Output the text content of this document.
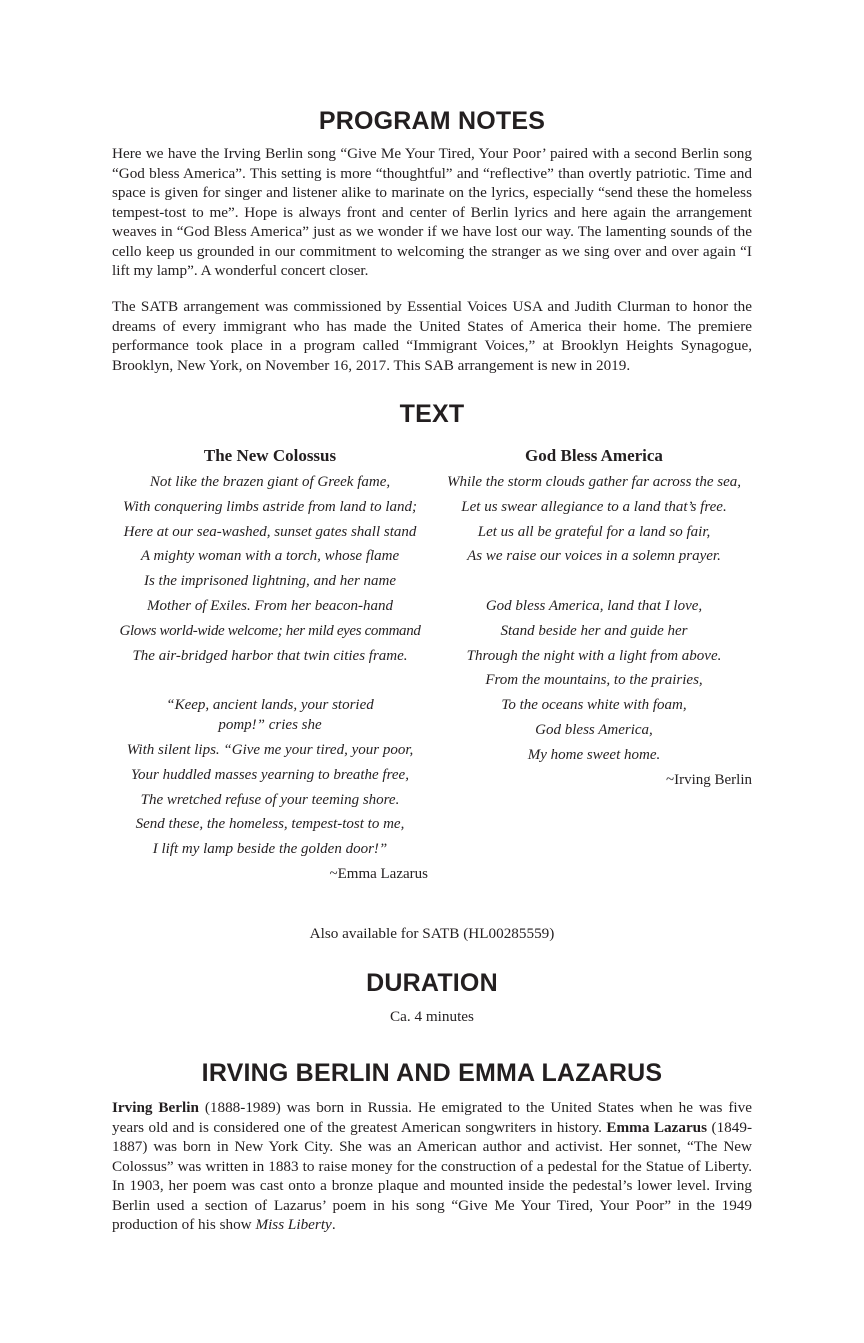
PROGRAM NOTES

Here we have the Irving Berlin song “Give Me Your Tired, Your Poor’ paired with a second Berlin song “God bless America”. This setting is more “thoughtful” and “reflective” than overtly patriotic. Time and space is given for singer and listener alike to marinate on the lyrics, especially “send these the homeless tempest-tost to me”. Hope is always front and center of Berlin lyrics and here again the arrangement weaves in “God Bless America” just as we wonder if we have lost our way. The lamenting sounds of the cello keep us grounded in our commitment to welcoming the stranger as we sing over and over again “I lift my lamp”. A wonderful concert closer.

The SATB arrangement was commissioned by Essential Voices USA and Judith Clurman to honor the dreams of every immigrant who has made the United States of America their home. The premiere performance took place in a program called “Immigrant Voices,” at Brooklyn Heights Synagogue, Brooklyn, New York, on November 16, 2017. This SAB arrangement is new in 2019.

TEXT
The New Colossus
Not like the brazen giant of Greek fame,
With conquering limbs astride from land to land;
Here at our sea-washed, sunset gates shall stand
A mighty woman with a torch, whose flame
Is the imprisoned lightning, and her name
Mother of Exiles. From her beacon-hand
Glows world-wide welcome; her mild eyes command
The air-bridged harbor that twin cities frame.
“Keep, ancient lands, your storied pomp!” cries she
With silent lips. “Give me your tired, your poor,
Your huddled masses yearning to breathe free,
The wretched refuse of your teeming shore.
Send these, the homeless, tempest-tost to me,
I lift my lamp beside the golden door!”

~Emma Lazarus

God Bless America
While the storm clouds gather far across the sea,
Let us swear allegiance to a land that’s free.
Let us all be grateful for a land so fair,
As we raise our voices in a solemn prayer.
God bless America, land that I love,
Stand beside her and guide her
Through the night with a light from above.
From the mountains, to the prairies,
To the oceans white with foam,
God bless America,
My home sweet home.

~Irving Berlin

Also available for SATB (HL00285559)

DURATION

Ca. 4 minutes

IRVING BERLIN AND EMMA LAZARUS

Irving Berlin (1888-1989) was born in Russia. He emigrated to the United States when he was five years old and is considered one of the greatest American songwriters in history. Emma Lazarus (1849-1887) was born in New York City. She was an American author and activist. Her sonnet, “The New Colossus” was written in 1883 to raise money for the construction of a pedestal for the Statue of Liberty. In 1903, her poem was cast onto a bronze plaque and mounted inside the pedestal’s lower level. Irving Berlin used a section of Lazarus’ poem in his song “Give Me Your Tired, Your Poor” in the 1949 production of his show Miss Liberty.
